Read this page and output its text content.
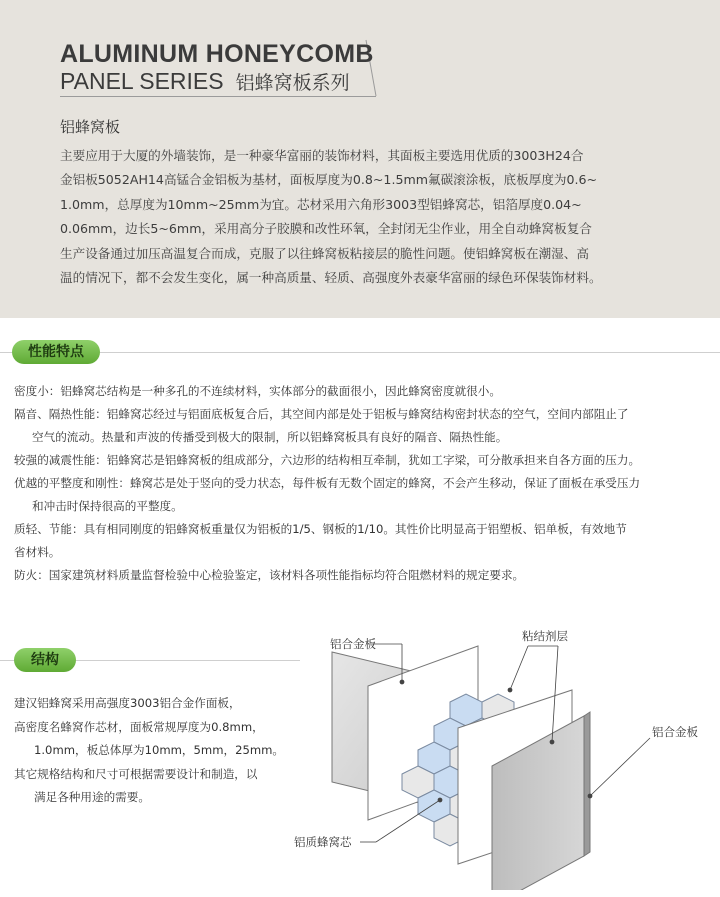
ALUMINUM HONEYCOMB
PANEL SERIES 铝蜂窝板系列
铝蜂窝板
主要应用于大厦的外墙装饰，是一种豪华富丽的装饰材料，其面板主要选用优质的3003H24合
金铝板5052AH14高锰合金铝板为基材，面板厚度为0.8~1.5mm氟碳滚涂板，底板厚度为0.6~
1.0mm，总厚度为10mm~25mm为宜。芯材采用六角形3003型铝蜂窝芯，铝箔厚度0.04~
0.06mm，边长5~6mm，采用高分子胶膜和改性环氧，全封闭无尘作业，用全自动蜂窝板复合
生产设备通过加压高温复合而成，克服了以往蜂窝板粘接层的脆性问题。使铝蜂窝板在潮湿、高
温的情况下，都不会发生变化，属一种高质量、轻质、高强度外表豪华富丽的绿色环保装饰材料。
性能特点
密度小：铝蜂窝芯结构是一种多孔的不连续材料，实体部分的截面很小，因此蜂窝密度就很小。
隔音、隔热性能：铝蜂窝芯经过与铝面底板复合后，其空间内部是处于铝板与蜂窝结构密封状态的空气，空间内部阻止了
空气的流动。热量和声波的传播受到极大的限制，所以铝蜂窝板具有良好的隔音、隔热性能。
较强的减震性能：铝蜂窝芯是铝蜂窝板的组成部分，六边形的结构相互牵制，犹如工字梁，可分散承担来自各方面的压力。
优越的平整度和刚性：蜂窝芯是处于竖向的受力状态，每件板有无数个固定的蜂窝，不会产生移动，保证了面板在承受压力
和冲击时保持很高的平整度。
质轻、节能：具有相同刚度的铝蜂窝板重量仅为铝板的1/5、钢板的1/10。其性价比明显高于铝塑板、铝单板，有效地节
省材料。
防火：国家建筑材料质量监督检验中心检验鉴定，该材料各项性能指标均符合阻燃材料的规定要求。
结构
建汉铝蜂窝采用高强度3003铝合金作面板，
高密度名蜂窝作芯材，面板常规厚度为0.8mm，
1.0mm，板总体厚为10mm，5mm，25mm。
其它规格结构和尺寸可根据需要设计和制造，以
满足各种用途的需要。
铝合金板
粘结剂层
铝合金板
铝质蜂窝芯
